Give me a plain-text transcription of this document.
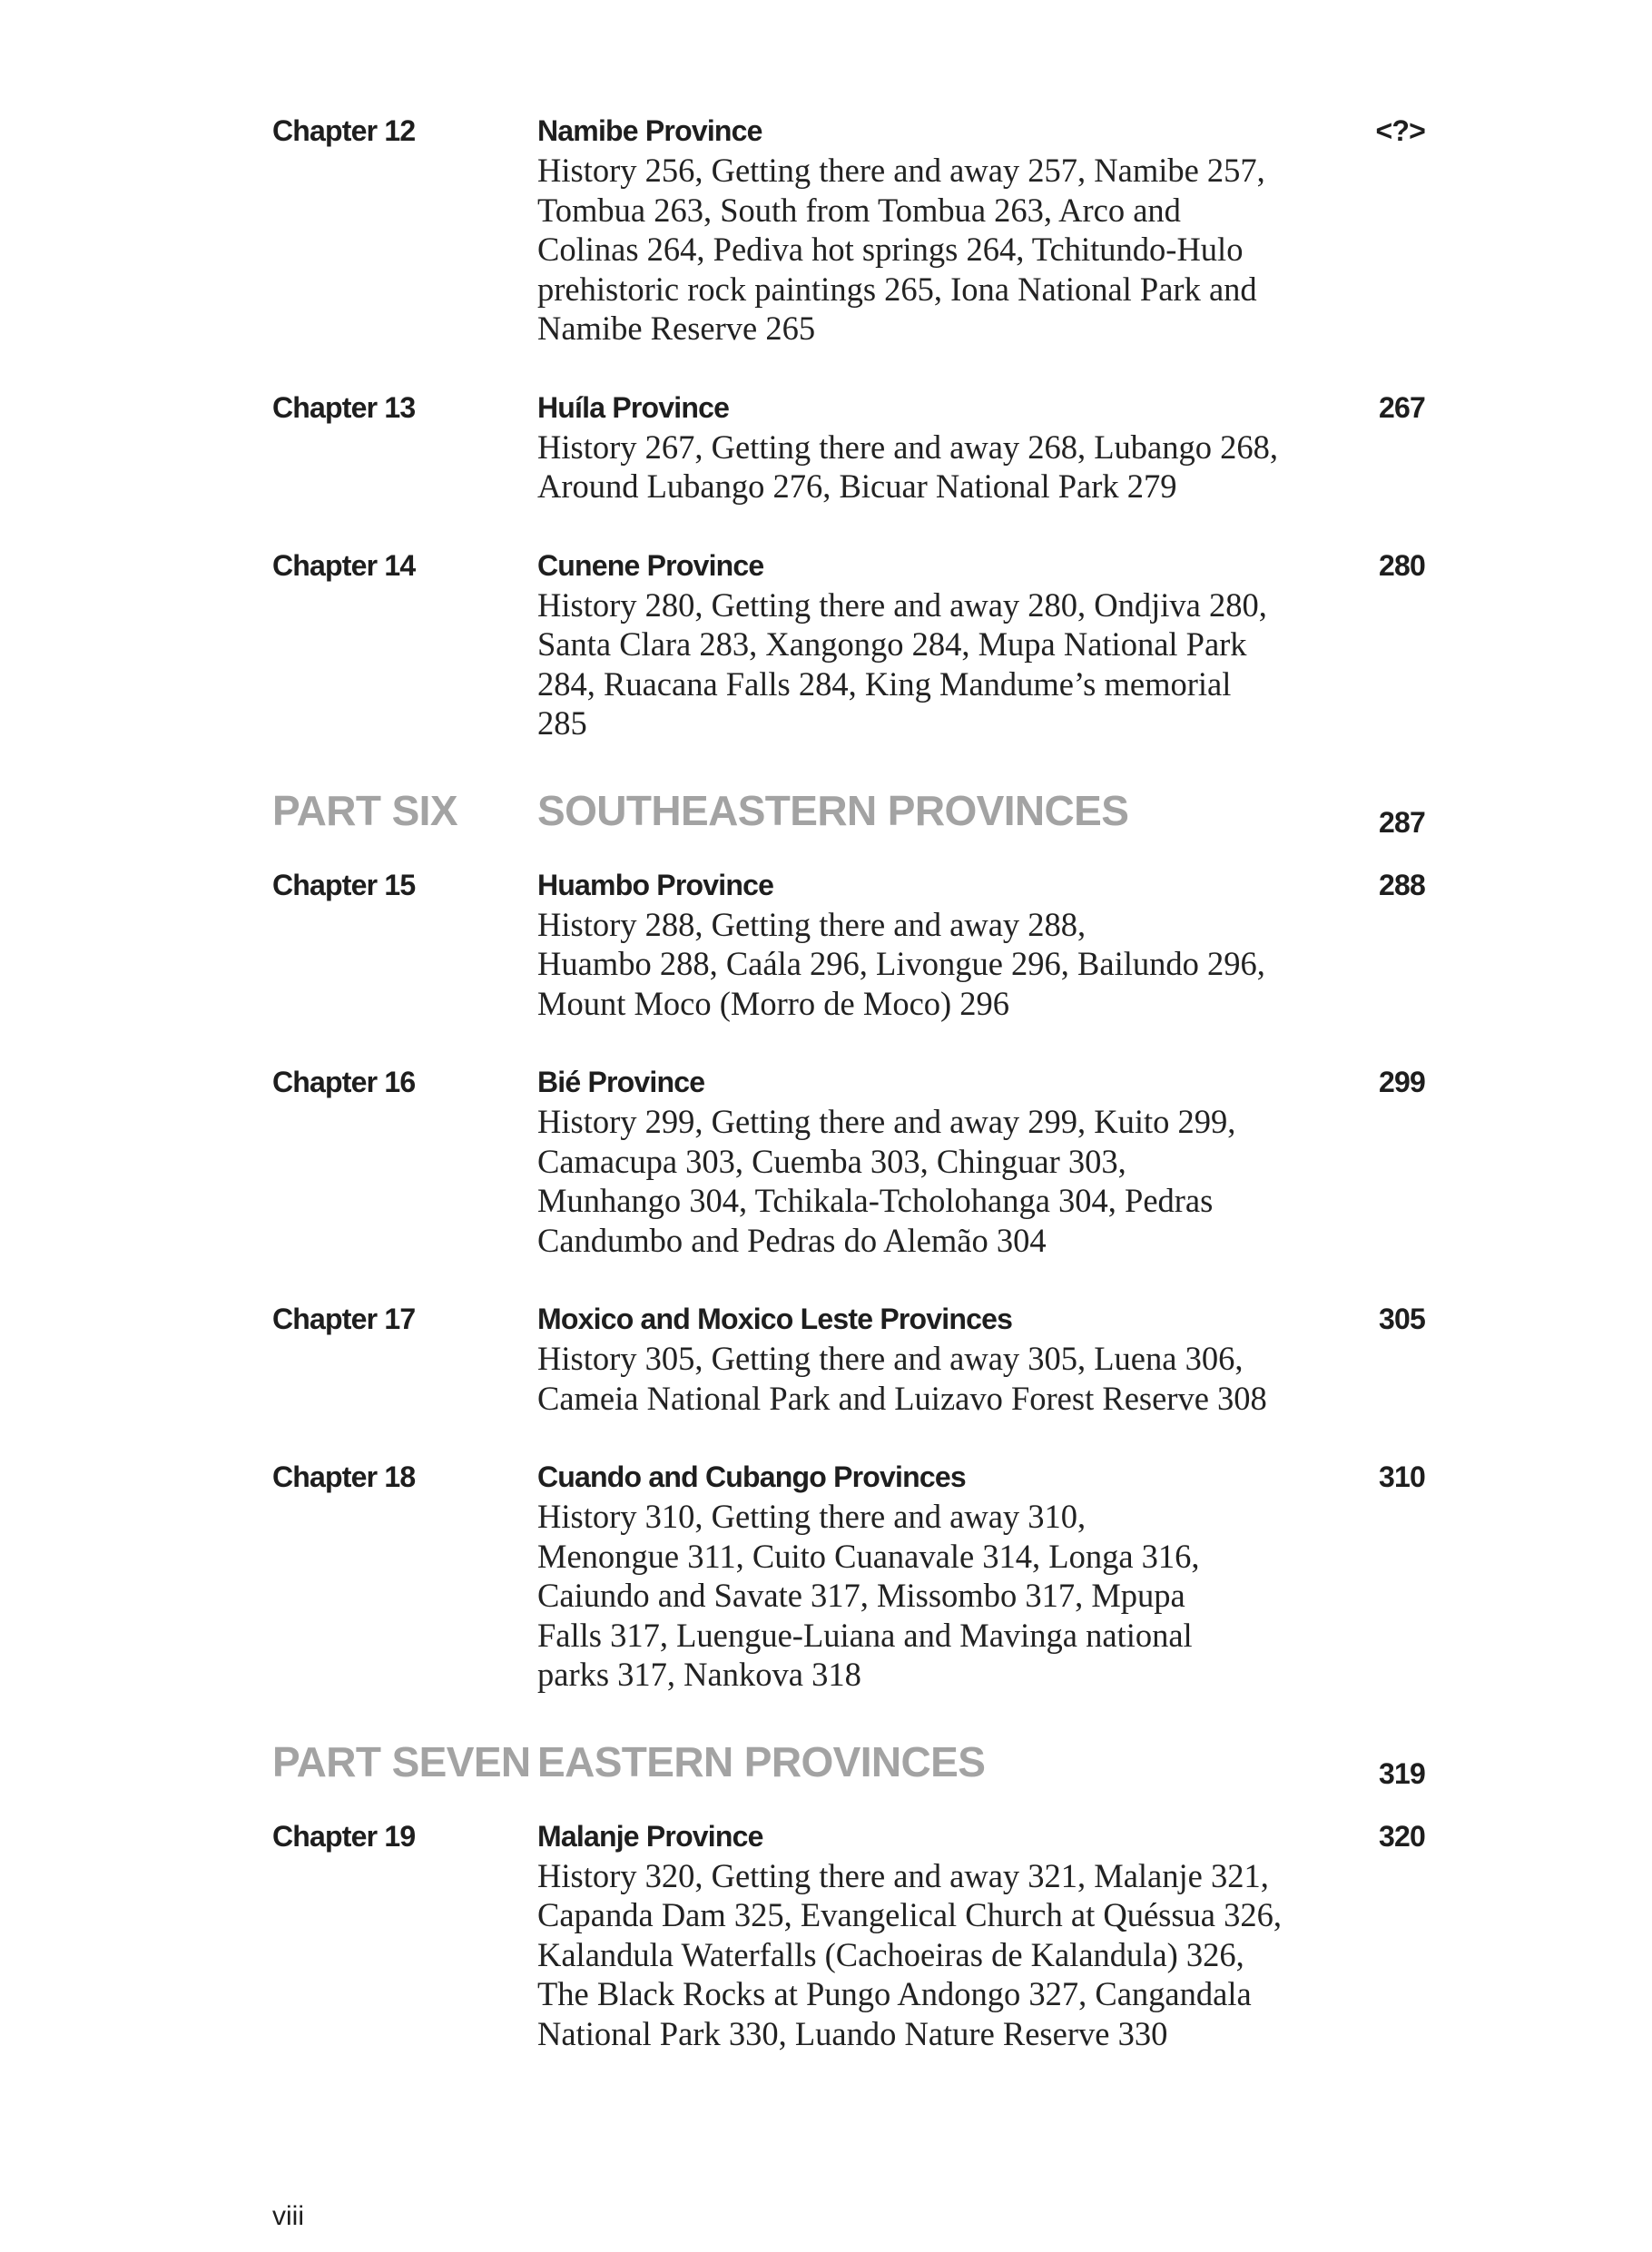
Chapter 12	Namibe Province
History 256, Getting there and away 257, Namibe 257,
Tombua 263, South from Tombua 263, Arco and
Colinas 264, Pediva hot springs 264, Tchitundo-Hulo
prehistoric rock paintings 265, Iona National Park and
Namibe Reserve 265
<?>
Chapter 13	Huíla Province
History 267, Getting there and away 268, Lubango 268,
Around Lubango 276, Bicuar National Park 279
267
Chapter 14	Cunene Province
History 280, Getting there and away 280, Ondjiva 280,
Santa Clara 283, Xangongo 284, Mupa National Park
284, Ruacana Falls 284, King Mandume’s memorial
285
280
PART SIX	SOUTHEASTERN PROVINCES	287
Chapter 15	Huambo Province
History 288, Getting there and away 288,
Huambo 288, Caála 296, Livongue 296, Bailundo 296,
Mount Moco (Morro de Moco) 296
288
Chapter 16	Bié Province
History 299, Getting there and away 299, Kuito 299,
Camacupa 303, Cuemba 303, Chinguar 303,
Munhango 304, Tchikala-Tcholohanga 304, Pedras
Candumbo and Pedras do Alemão 304
299
Chapter 17	Moxico and Moxico Leste Provinces
History 305, Getting there and away 305, Luena 306,
Cameia National Park and Luizavo Forest Reserve 308
305
Chapter 18	Cuando and Cubango Provinces
History 310, Getting there and away 310,
Menongue 311, Cuito Cuanavale 314, Longa 316,
Caiundo and Savate 317, Missombo 317, Mpupa
Falls 317, Luengue-Luiana and Mavinga national
parks 317, Nankova 318
310
PART SEVEN EASTERN PROVINCES	319
Chapter 19	Malanje Province
History 320, Getting there and away 321, Malanje 321,
Capanda Dam 325, Evangelical Church at Quéssua 326,
Kalandula Waterfalls (Cachoeiras de Kalandula) 326,
The Black Rocks at Pungo Andongo 327, Cangandala
National Park 330, Luando Nature Reserve 330
320
viii
